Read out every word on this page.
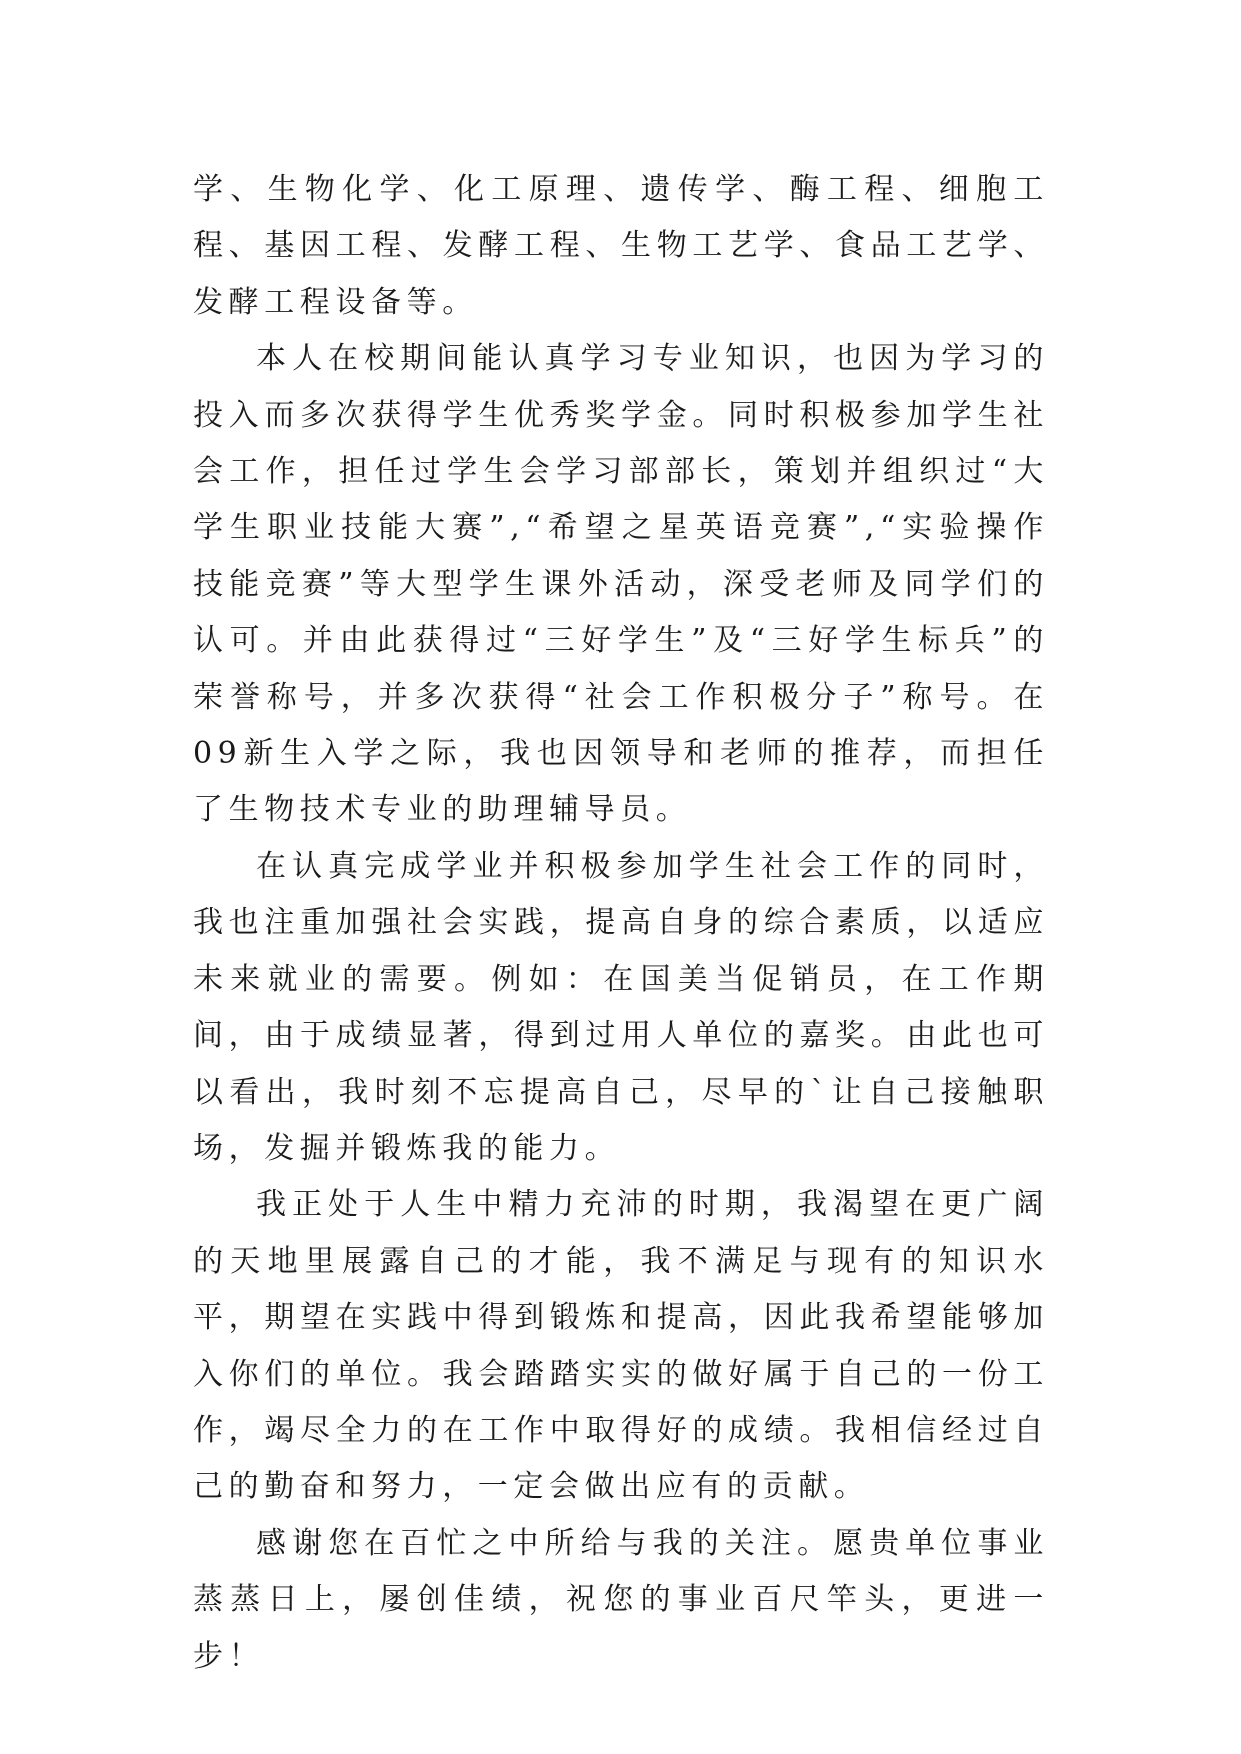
学、生物化学、化工原理、遗传学、酶工程、细胞工程、基因工程、发酵工程、生物工艺学、食品工艺学、发酵工程设备等。

本人在校期间能认真学习专业知识，也因为学习的投入而多次获得学生优秀奖学金。同时积极参加学生社会工作，担任过学生会学习部部长，策划并组织过“大学生职业技能大赛”,“希望之星英语竞赛”,“实验操作技能竞赛”等大型学生课外活动，深受老师及同学们的认可。并由此获得过“三好学生”及“三好学生标兵”的荣誉称号，并多次获得“社会工作积极分子”称号。在09新生入学之际，我也因领导和老师的推荐，而担任了生物技术专业的助理辅导员。

在认真完成学业并积极参加学生社会工作的同时，我也注重加强社会实践，提高自身的综合素质，以适应未来就业的需要。例如：在国美当促销员，在工作期间，由于成绩显著，得到过用人单位的嘉奖。由此也可以看出，我时刻不忘提高自己，尽早的`让自己接触职场，发掘并锻炼我的能力。

我正处于人生中精力充沛的时期，我渴望在更广阔的天地里展露自己的才能，我不满足与现有的知识水平，期望在实践中得到锻炼和提高，因此我希望能够加入你们的单位。我会踏踏实实的做好属于自己的一份工作，竭尽全力的在工作中取得好的成绩。我相信经过自己的勤奋和努力，一定会做出应有的贡献。

感谢您在百忙之中所给与我的关注。愿贵单位事业蒸蒸日上，屡创佳绩，祝您的事业百尺竿头，更进一步！
